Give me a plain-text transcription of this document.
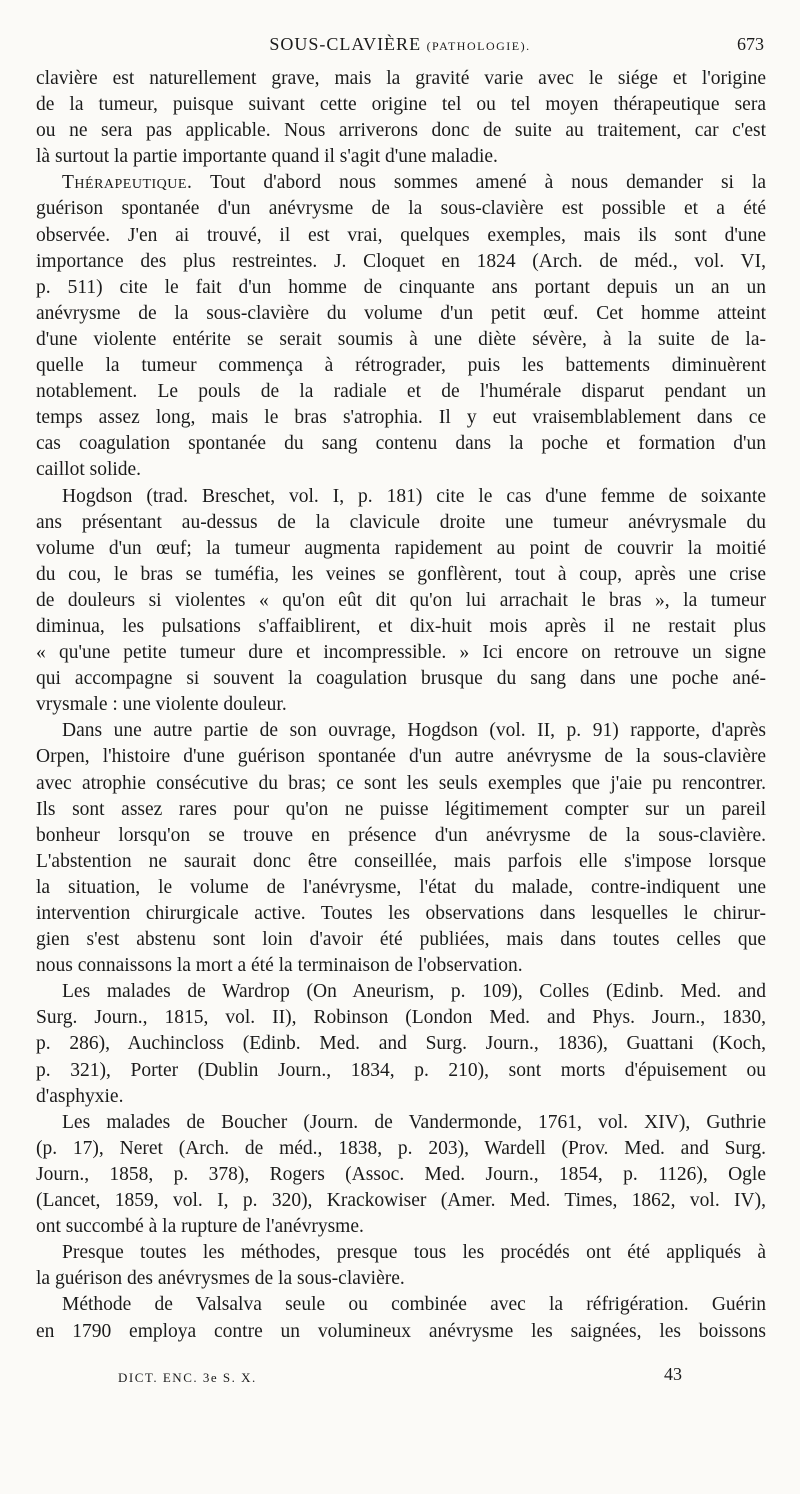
SOUS-CLAVIÈRE (PATHOLOGIE).	673
clavière est naturellement grave, mais la gravité varie avec le siége et l'origine
de la tumeur, puisque suivant cette origine tel ou tel moyen thérapeutique sera
ou ne sera pas applicable. Nous arriverons donc de suite au traitement, car c'est
là surtout la partie importante quand il s'agit d'une maladie.
Thérapeutique. Tout d'abord nous sommes amené à nous demander si la
guérison spontanée d'un anévrysme de la sous-clavière est possible et a été
observée. J'en ai trouvé, il est vrai, quelques exemples, mais ils sont d'une
importance des plus restreintes. J. Cloquet en 1824 (Arch. de méd., vol. VI,
p. 511) cite le fait d'un homme de cinquante ans portant depuis un an un
anévrysme de la sous-clavière du volume d'un petit œuf. Cet homme atteint
d'une violente entérite se serait soumis à une diète sévère, à la suite de la-
quelle la tumeur commença à rétrograder, puis les battements diminuèrent
notablement. Le pouls de la radiale et de l'humérale disparut pendant un
temps assez long, mais le bras s'atrophia. Il y eut vraisemblablement dans ce
cas coagulation spontanée du sang contenu dans la poche et formation d'un
caillot solide.
Hogdson (trad. Breschet, vol. I, p. 181) cite le cas d'une femme de soixante
ans présentant au-dessus de la clavicule droite une tumeur anévrysmale du
volume d'un œuf; la tumeur augmenta rapidement au point de couvrir la moitié
du cou, le bras se tuméfia, les veines se gonflèrent, tout à coup, après une crise
de douleurs si violentes « qu'on eût dit qu'on lui arrachait le bras », la tumeur
diminua, les pulsations s'affaiblirent, et dix-huit mois après il ne restait plus
« qu'une petite tumeur dure et incompressible. » Ici encore on retrouve un signe
qui accompagne si souvent la coagulation brusque du sang dans une poche ané-
vrysmale : une violente douleur.
Dans une autre partie de son ouvrage, Hogdson (vol. II, p. 91) rapporte, d'après
Orpen, l'histoire d'une guérison spontanée d'un autre anévrysme de la sous-clavière
avec atrophie consécutive du bras; ce sont les seuls exemples que j'aie pu rencontrer.
Ils sont assez rares pour qu'on ne puisse légitimement compter sur un pareil
bonheur lorsqu'on se trouve en présence d'un anévrysme de la sous-clavière.
L'abstention ne saurait donc être conseillée, mais parfois elle s'impose lorsque
la situation, le volume de l'anévrysme, l'état du malade, contre-indiquent une
intervention chirurgicale active. Toutes les observations dans lesquelles le chirur-
gien s'est abstenu sont loin d'avoir été publiées, mais dans toutes celles que
nous connaissons la mort a été la terminaison de l'observation.
Les malades de Wardrop (On Aneurism, p. 109), Colles (Edinb. Med. and
Surg. Journ., 1815, vol. II), Robinson (London Med. and Phys. Journ., 1830,
p. 286), Auchincloss (Edinb. Med. and Surg. Journ., 1836), Guattani (Koch,
p. 321), Porter (Dublin Journ., 1834, p. 210), sont morts d'épuisement ou
d'asphyxie.
Les malades de Boucher (Journ. de Vandermonde, 1761, vol. XIV), Guthrie
(p. 17), Neret (Arch. de méd., 1838, p. 203), Wardell (Prov. Med. and Surg.
Journ., 1858, p. 378), Rogers (Assoc. Med. Journ., 1854, p. 1126), Ogle
(Lancet, 1859, vol. I, p. 320), Krackowiser (Amer. Med. Times, 1862, vol. IV),
ont succombé à la rupture de l'anévrysme.
Presque toutes les méthodes, presque tous les procédés ont été appliqués à
la guérison des anévrysmes de la sous-clavière.
Méthode de Valsalva seule ou combinée avec la réfrigération. Guérin
en 1790 employa contre un volumineux anévrysme les saignées, les boissons
DICT. ENC. 3e S. X.	43
